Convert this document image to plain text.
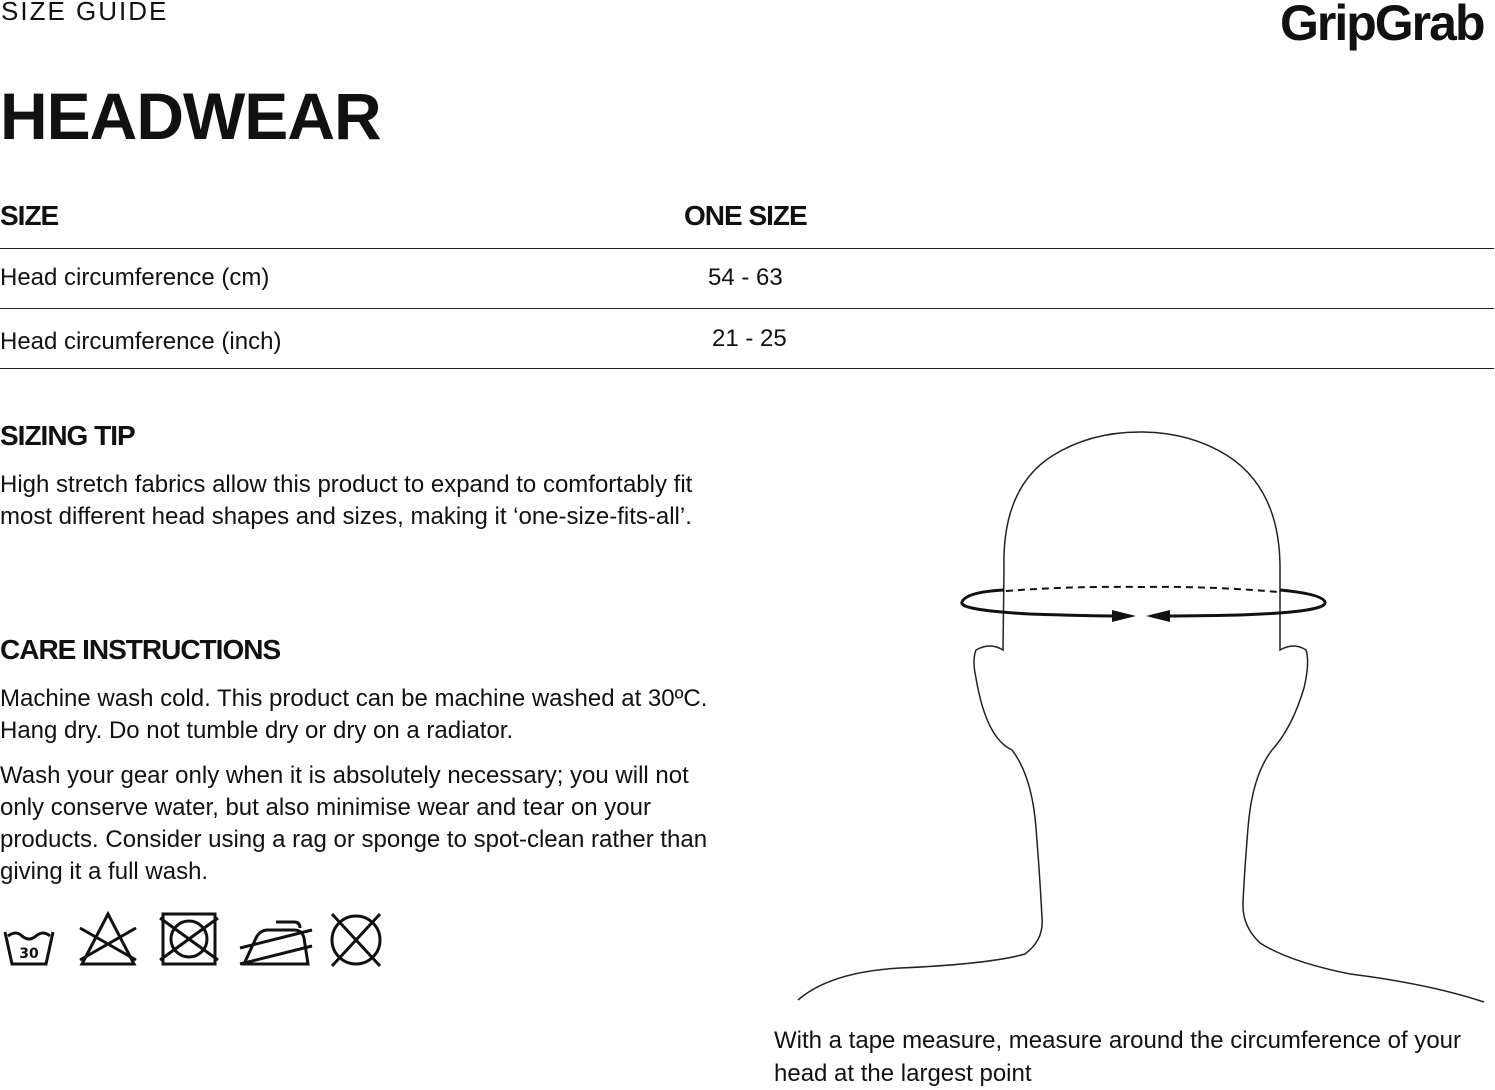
SIZE GUIDE	GripGrab
HEADWEAR
SIZE	ONE SIZE
Head circumference (cm)	54 - 63
Head circumference (inch)	21 - 25
SIZING TIP
High stretch fabrics allow this product to expand to comfortably fit most different head shapes and sizes, making it ‘one-size-fits-all’.
CARE INSTRUCTIONS
Machine wash cold. This product can be machine washed at 30ºC. Hang dry. Do not tumble dry or dry on a radiator.
Wash your gear only when it is absolutely necessary; you will not only conserve water, but also minimise wear and tear on your products. Consider using a rag or sponge to spot-clean rather than giving it a full wash.
30
With a tape measure, measure around the circumference of your head at the largest point
